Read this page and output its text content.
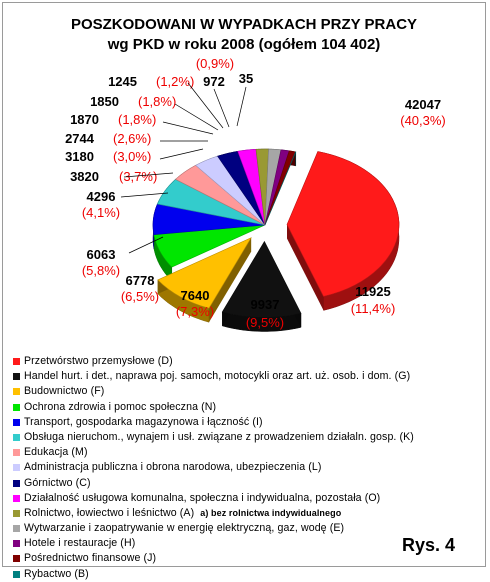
42047
(40,3%)
11925
(11,4%)
9937
(9,5%)
7640
(7,3%)
6778
(6,5%)
6063
(5,8%)
4296
(4,1%)
3820 (3,7%)
3180 (3,0%)
2744 (2,6%)
1870 (1,8%)
1850 (1,8%)
1245 (1,2%) 972
(0,9%)
35
POSZKODOWANI W WYPADKACH PRZY PRACY
wg PKD w roku 2008 (ogółem 104 402)
Przetwórstwo przemysłowe (D)
Handel hurt. i det., naprawa poj. samoch, motocykli oraz art. uż. osob. i dom. (G)
Budownictwo (F)
Ochrona zdrowia i pomoc społeczna (N)
Transport, gospodarka magazynowa i łączność (I)
Obsługa nieruchom., wynajem i usł. związane z prowadzeniem działaln. gosp. (K)
Edukacja (M)
Administracja publiczna i obrona narodowa, ubezpieczenia (L)
Górnictwo (C)
Działalność usługowa komunalna, społeczna i indywidualna, pozostała (O)
Rolnictwo, łowiectwo i leśnictwo (A) a) bez rolnictwa indywidualnego
Wytwarzanie i zaopatrywanie w energię elektryczną, gaz, wodę (E)
Hotele i restauracje (H)
Pośrednictwo finansowe (J)
Rybactwo (B)
Rys. 4
